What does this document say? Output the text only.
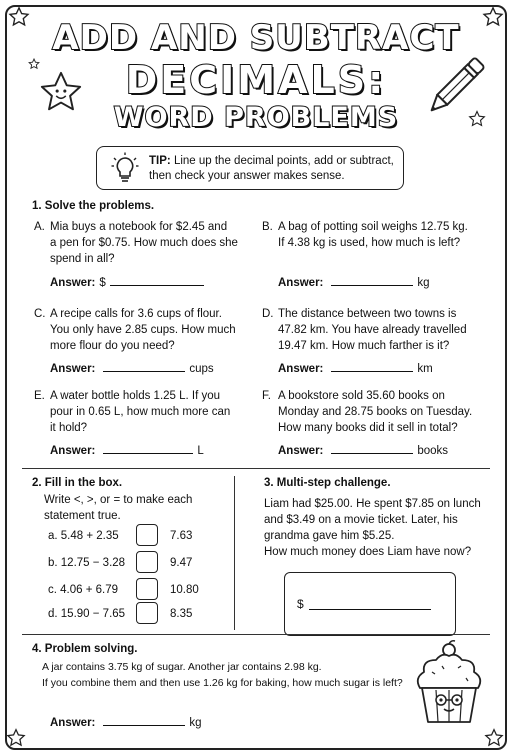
ADD AND SUBTRACT
DECIMALS:
WORD PROBLEMS
TIP: Line up the decimal points, add or subtract,
then check your answer makes sense.
1. Solve the problems.
A. Mia buys a notebook for $2.45 and
a pen for $0.75. How much does she
spend in all?
Answer: $
B. A bag of potting soil weighs 12.75 kg.
If 4.38 kg is used, how much is left?
Answer:	kg
C. A recipe calls for 3.6 cups of flour.
You only have 2.85 cups. How much
more flour do you need?
Answer:	cups
D. The distance between two towns is
47.82 km. You have already travelled
19.47 km. How much farther is it?
Answer:	km
E. A water bottle holds 1.25 L. If you
pour in 0.65 L, how much more can
it hold?
Answer:	L
F. A bookstore sold 35.60 books on
Monday and 28.75 books on Tuesday.
How many books did it sell in total?
Answer:	books
2. Fill in the box.
Write <, >, or = to make each
statement true.
a. 5.48 + 2.35	7.63
b. 12.75 − 3.28	9.47
c. 4.06 + 6.79	10.80
d. 15.90 − 7.65	8.35
3. Multi-step challenge.
Liam had $25.00. He spent $7.85 on lunch
and $3.49 on a movie ticket. Later, his
grandma gave him $5.25.
How much money does Liam have now?
$
4. Problem solving.
A jar contains 3.75 kg of sugar. Another jar contains 2.98 kg.
If you combine them and then use 1.26 kg for baking, how much sugar is left?
Answer:	kg
